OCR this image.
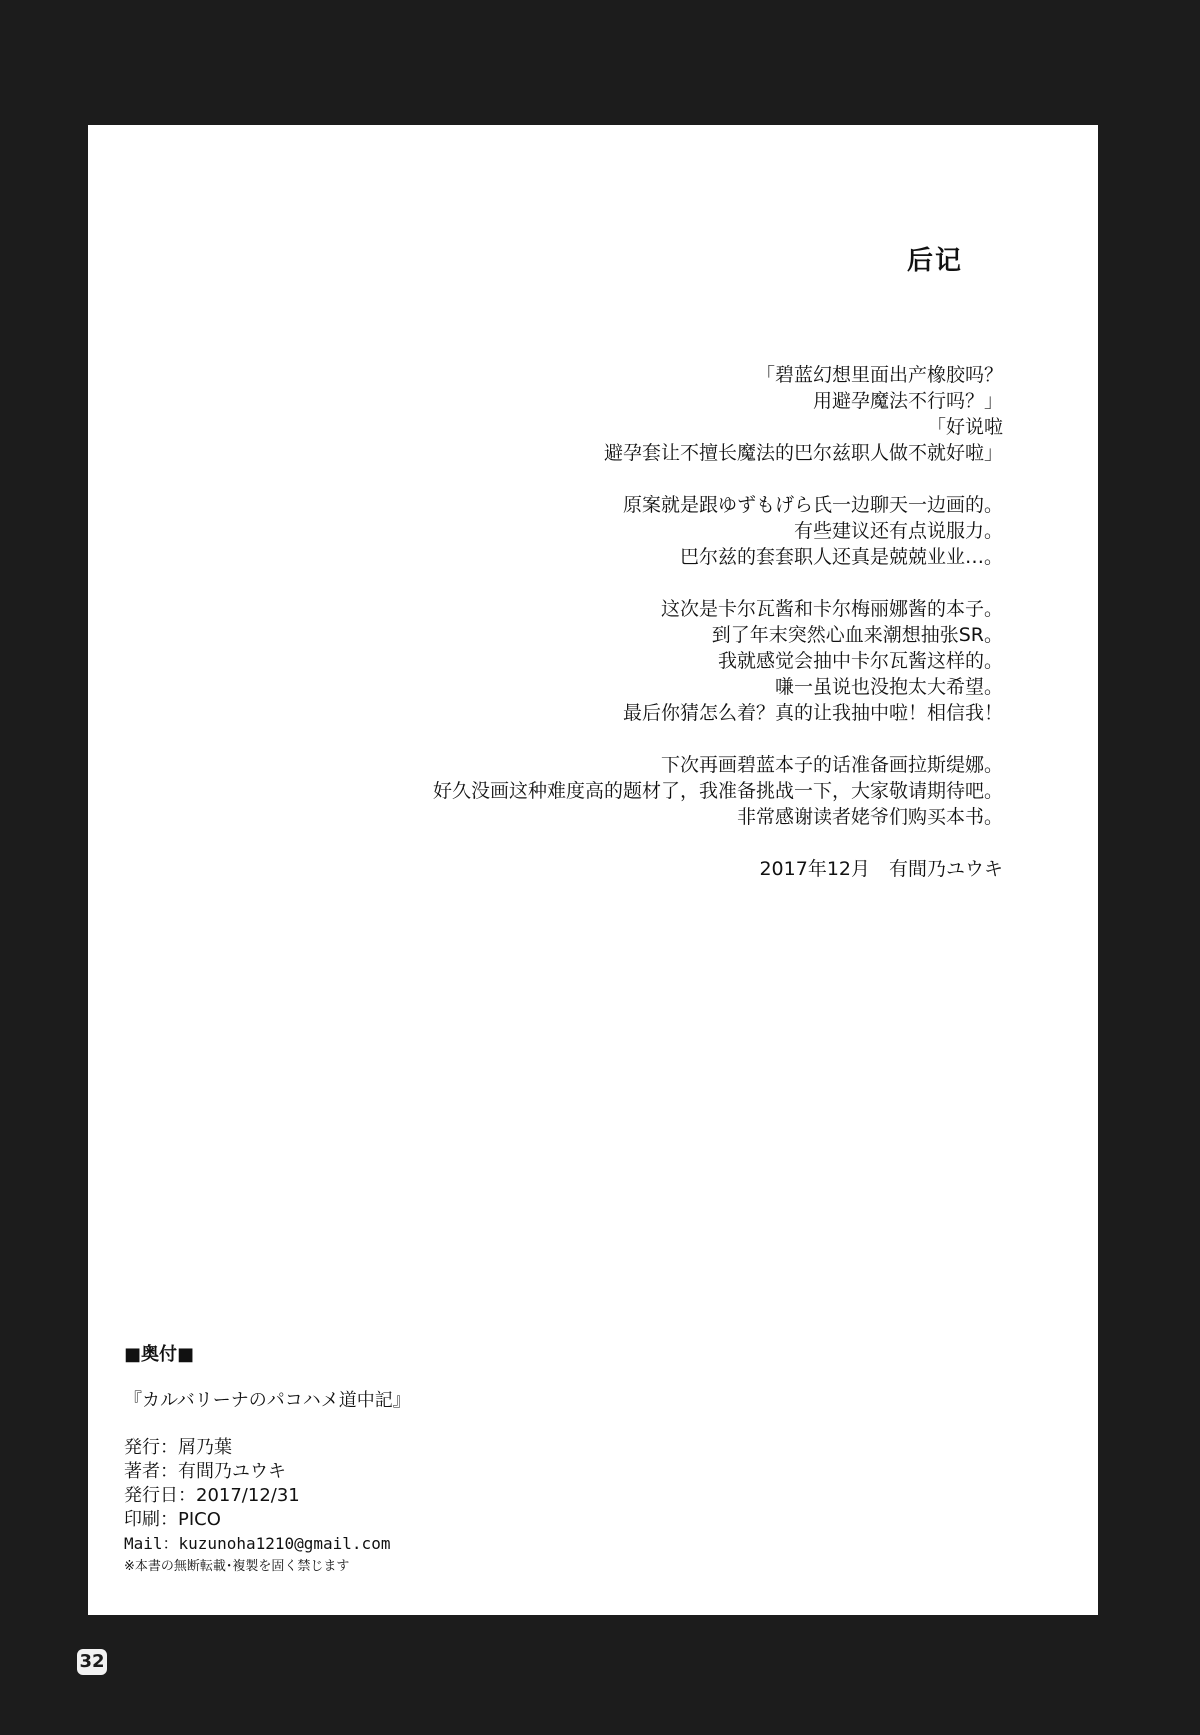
后记
「碧蓝幻想里面出产橡胶吗？
用避孕魔法不行吗？」
「好说啦
避孕套让不擅长魔法的巴尔兹职人做不就好啦」
原案就是跟ゆずもげら氏一边聊天一边画的。
有些建议还有点说服力。
巴尔兹的套套职人还真是兢兢业业…。
这次是卡尔瓦酱和卡尔梅丽娜酱的本子。
到了年末突然心血来潮想抽张SR。
我就感觉会抽中卡尔瓦酱这样的。
嗛一虽说也没抱太大希望。
最后你猜怎么着？真的让我抽中啦！相信我！
下次再画碧蓝本子的话准备画拉斯缇娜。
好久没画这种难度高的题材了，我准备挑战一下，大家敬请期待吧。
非常感谢读者姥爷们购买本书。
2017年12月　有間乃ユウキ
■奥付■
『カルバリーナのパコハメ道中記』
発行：屑乃葉
著者：有間乃ユウキ
発行日：2017/12/31
印刷：PICO
Mail：kuzunoha1210@gmail.com
※本書の無断転載･複製を固く禁じます
32
